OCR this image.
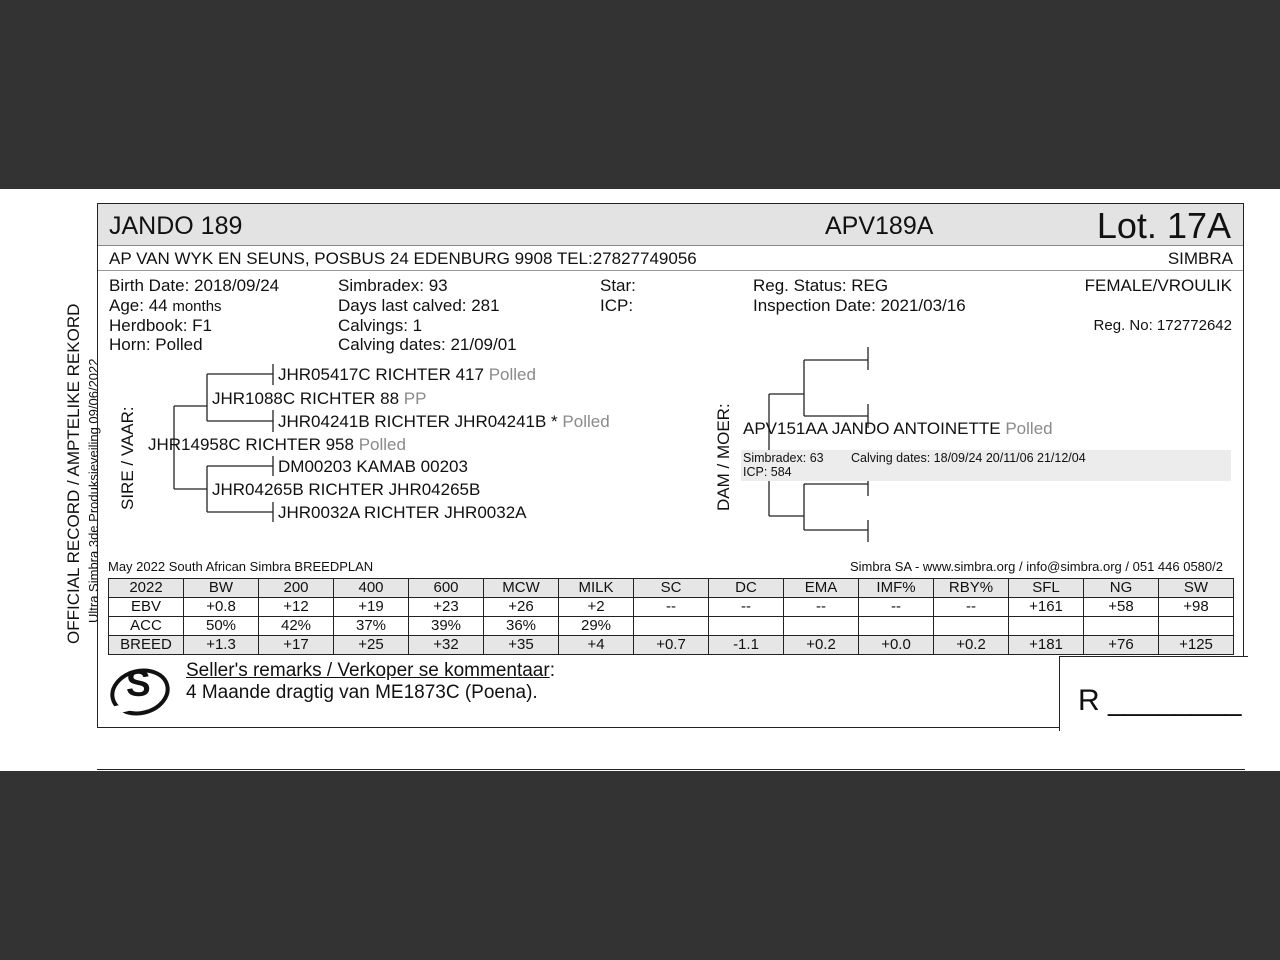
OFFICIAL RECORD / AMPTELIKE REKORD Ultra Simbra 3de Produksieveiling 09/06/2022
JANDO 189	APV189A	Lot. 17A
AP VAN WYK EN SEUNS, POSBUS 24 EDENBURG 9908 TEL:27827749056	SIMBRA
Birth Date: 2018/09/24
Age: 44 months
Herdbook: F1
Horn: Polled
Simbradex: 93
Days last calved: 281
Calvings: 1
Calving dates: 21/09/01
Star:
ICP:
Reg. Status: REG
Inspection Date: 2021/03/16
FEMALE/VROULIK
Reg. No: 172772642
SIRE / VAAR:
JHR05417C RICHTER 417 Polled
JHR1088C RICHTER 88 PP
JHR04241B RICHTER JHR04241B * Polled
JHR14958C RICHTER 958 Polled
DM00203 KAMAB 00203
JHR04265B RICHTER JHR04265B
JHR0032A RICHTER JHR0032A
DAM / MOER: APV151AA JANDO ANTOINETTE Polled
Simbradex: 63 Calving dates: 18/09/24 20/11/06 21/12/04
ICP: 584
May 2022 South African Simbra BREEDPLAN	Simbra SA - www.simbra.org / info@simbra.org / 051 446 0580/2
2022	BW	200	400	600	MCW	MILK	SC	DC	EMA	IMF%	RBY%	SFL	NG	SW
EBV	+0.8	+12	+19	+23	+26	+2	--	--	--	--	--	+161	+58	+98
ACC	50%	42%	37%	39%	36%	29%								
BREED	+1.3	+17	+25	+32	+35	+4	+0.7	-1.1	+0.2	+0.0	+0.2	+181	+76	+125
S Seller's remarks / Verkoper se kommentaar:
4 Maande dragtig van ME1873C (Poena).	R ________
